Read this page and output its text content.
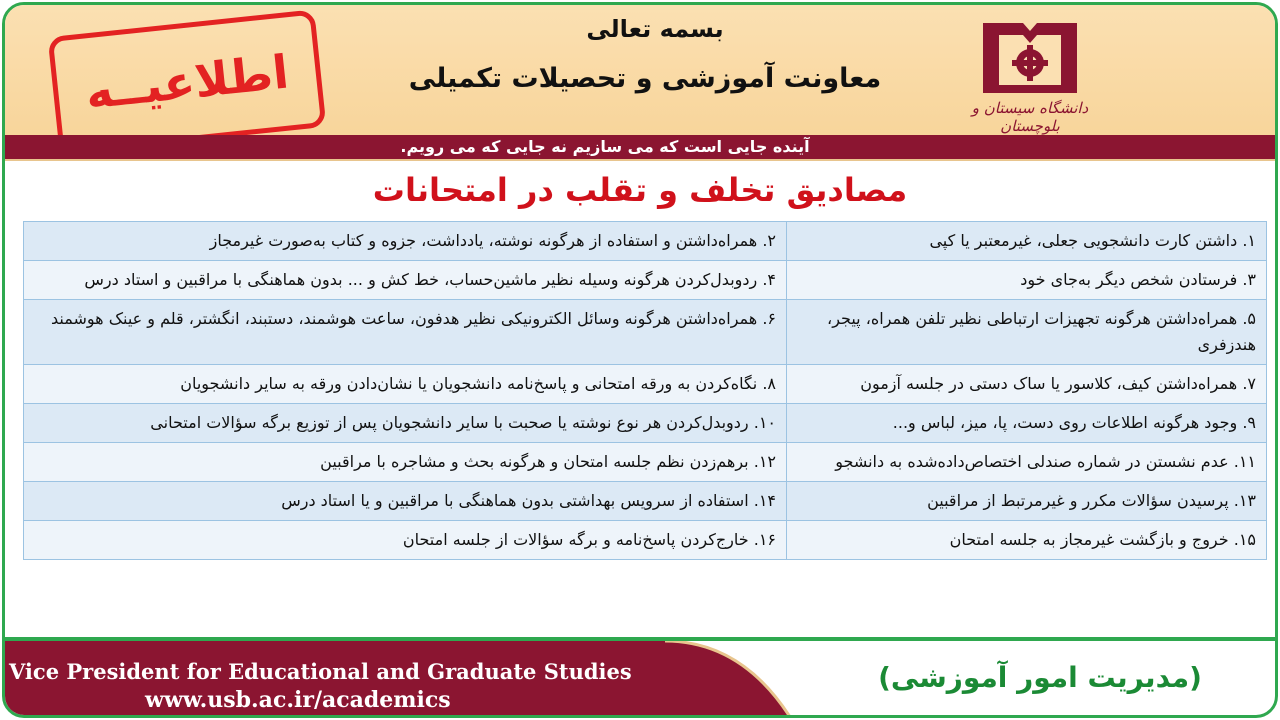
اطلاعیــه
بسمه تعالی
معاونت آموزشی و تحصیلات تکمیلی
دانشگاه سیستان و بلوچستان
آینده جایی است که می سازیم نه جایی که می رویم.
مصادیق تخلف و تقلب در امتحانات
۱. داشتن کارت دانشجویی جعلی، غیرمعتبر یا کپی	۲. همراه‌داشتن و استفاده از هرگونه نوشته، یادداشت، جزوه و کتاب به‌صورت غیرمجاز
۳. فرستادن شخص دیگر به‌جای خود	۴. ردوبدل‌کردن هرگونه وسیله نظیر ماشین‌حساب، خط کش و ... بدون هماهنگی با مراقبین و استاد درس
۵. همراه‌داشتن هرگونه تجهیزات ارتباطی نظیر تلفن همراه، پیجر، هندزفری	۶. همراه‌داشتن هرگونه وسائل الکترونیکی نظیر هدفون، ساعت هوشمند، دستبند، انگشتر، قلم و عینک هوشمند
۷. همراه‌داشتن کیف، کلاسور یا ساک دستی در جلسه آزمون	۸. نگاه‌کردن به ورقه امتحانی و پاسخ‌نامه دانشجویان یا نشان‌دادن ورقه به سایر دانشجویان
۹. وجود هرگونه اطلاعات روی دست، پا، میز، لباس و...	۱۰. ردوبدل‌کردن هر نوع نوشته یا صحبت با سایر دانشجویان پس از توزیع برگه سؤالات امتحانی
۱۱. عدم نشستن در شماره صندلی اختصاص‌داده‌شده به دانشجو	۱۲. برهم‌زدن نظم جلسه امتحان و هرگونه بحث و مشاجره با مراقبین
۱۳. پرسیدن سؤالات مکرر و غیرمرتبط از مراقبین	۱۴. استفاده از سرویس بهداشتی بدون هماهنگی با مراقبین و یا استاد درس
۱۵. خروج و بازگشت غیرمجاز به جلسه امتحان	۱۶. خارج‌کردن پاسخ‌نامه و برگه سؤالات از جلسه امتحان
Vice President for Educational and Graduate Studies
www.usb.ac.ir/academics
(مدیریت امور آموزشی)
